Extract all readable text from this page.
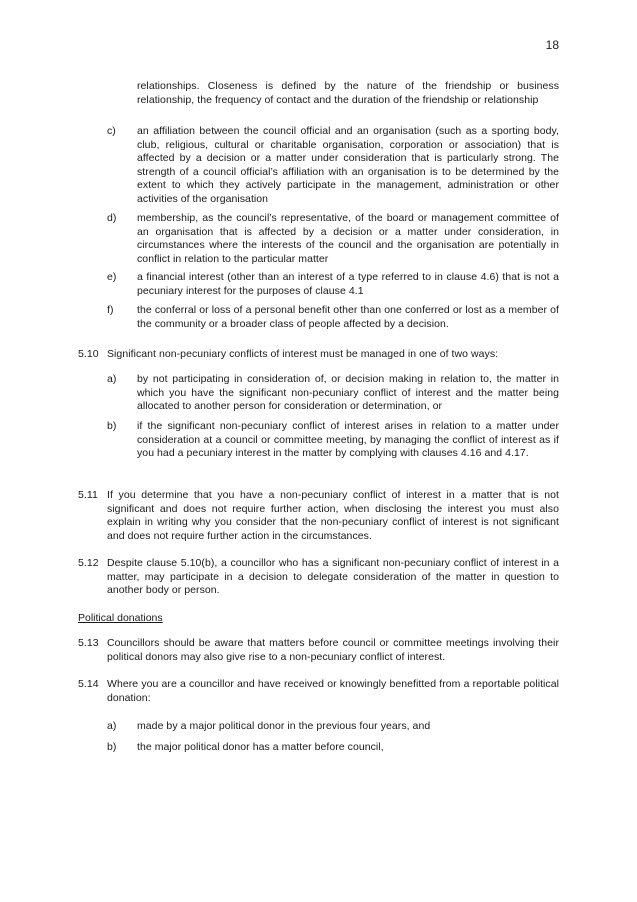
18
relationships. Closeness is defined by the nature of the friendship or business relationship, the frequency of contact and the duration of the friendship or relationship
c)	an affiliation between the council official and an organisation (such as a sporting body, club, religious, cultural or charitable organisation, corporation or association) that is affected by a decision or a matter under consideration that is particularly strong. The strength of a council official’s affiliation with an organisation is to be determined by the extent to which they actively participate in the management, administration or other activities of the organisation
d)	membership, as the council’s representative, of the board or management committee of an organisation that is affected by a decision or a matter under consideration, in circumstances where the interests of the council and the organisation are potentially in conflict in relation to the particular matter
e)	a financial interest (other than an interest of a type referred to in clause 4.6) that is not a pecuniary interest for the purposes of clause 4.1
f)	the conferral or loss of a personal benefit other than one conferred or lost as a member of the community or a broader class of people affected by a decision.
5.10 Significant non-pecuniary conflicts of interest must be managed in one of two ways:
a)	by not participating in consideration of, or decision making in relation to, the matter in which you have the significant non-pecuniary conflict of interest and the matter being allocated to another person for consideration or determination, or
b)	if the significant non-pecuniary conflict of interest arises in relation to a matter under consideration at a council or committee meeting, by managing the conflict of interest as if you had a pecuniary interest in the matter by complying with clauses 4.16 and 4.17.
5.11 If you determine that you have a non-pecuniary conflict of interest in a matter that is not significant and does not require further action, when disclosing the interest you must also explain in writing why you consider that the non-pecuniary conflict of interest is not significant and does not require further action in the circumstances.
5.12 Despite clause 5.10(b), a councillor who has a significant non-pecuniary conflict of interest in a matter, may participate in a decision to delegate consideration of the matter in question to another body or person.
Political donations
5.13 Councillors should be aware that matters before council or committee meetings involving their political donors may also give rise to a non-pecuniary conflict of interest.
5.14 Where you are a councillor and have received or knowingly benefitted from a reportable political donation:
a)	made by a major political donor in the previous four years, and
b)	the major political donor has a matter before council,
